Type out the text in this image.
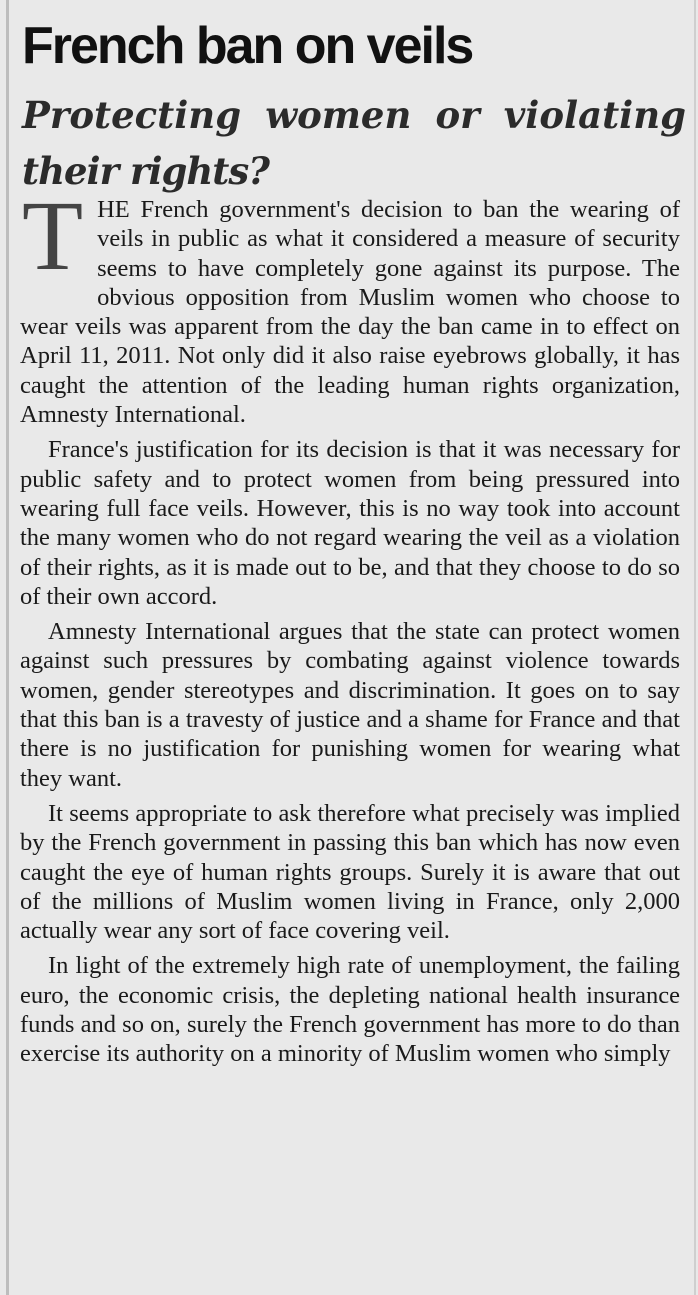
French ban on veils

Protecting women or violating

their rights?

T HE French government's decision to ban the wearing of veils in public as what it considered a measure of security seems to have completely gone against its purpose. The obvious opposition from Muslim women who choose to wear veils was apparent from the day the ban came in to effect on April 11, 2011. Not only did it also raise eyebrows globally, it has caught the attention of the leading human rights organization, Amnesty International.

France's justification for its decision is that it was necessary for public safety and to protect women from being pressured into wearing full face veils. However, this is no way took into account the many women who do not regard wearing the veil as a violation of their rights, as it is made out to be, and that they choose to do so of their own accord.

Amnesty International argues that the state can protect women against such pressures by combating against violence towards women, gender stereotypes and discrimination. It goes on to say that this ban is a travesty of justice and a shame for France and that there is no justification for punishing women for wearing what they want.

It seems appropriate to ask therefore what precisely was implied by the French government in passing this ban which has now even caught the eye of human rights groups. Surely it is aware that out of the millions of Muslim women living in France, only 2,000 actually wear any sort of face covering veil.

In light of the extremely high rate of unemployment, the failing euro, the economic crisis, the depleting national health insurance funds and so on, surely the French government has more to do than exercise its authority on a minority of Muslim women who simply
